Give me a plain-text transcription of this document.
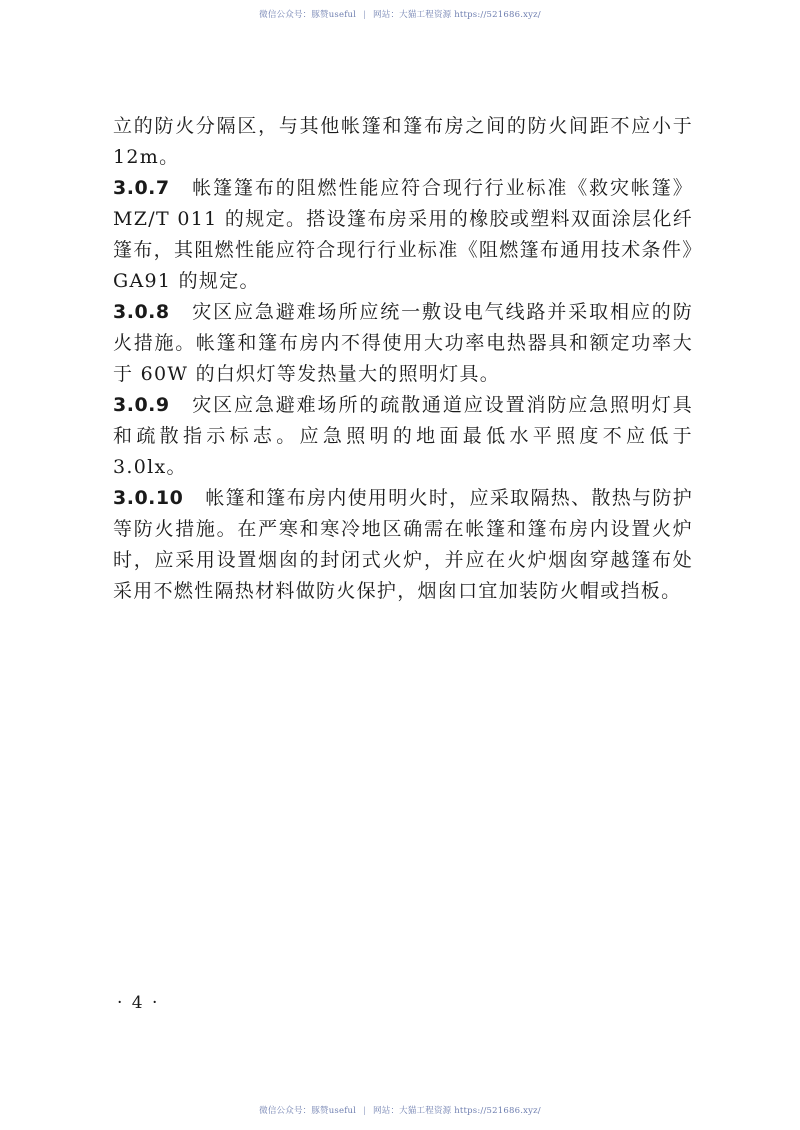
微信公众号：豚赞useful | 网站：大猫工程资源 https://521686.xyz/

立的防火分隔区，与其他帐篷和篷布房之间的防火间距不应小于 12m。

3.0.7 帐篷篷布的阻燃性能应符合现行行业标准《救灾帐篷》MZ/T 011 的规定。搭设篷布房采用的橡胶或塑料双面涂层化纤篷布，其阻燃性能应符合现行行业标准《阻燃篷布通用技术条件》GA91 的规定。

3.0.8 灾区应急避难场所应统一敷设电气线路并采取相应的防火措施。帐篷和篷布房内不得使用大功率电热器具和额定功率大于 60W 的白炽灯等发热量大的照明灯具。

3.0.9 灾区应急避难场所的疏散通道应设置消防应急照明灯具和疏散指示标志。应急照明的地面最低水平照度不应低于 3.0lx。

3.0.10 帐篷和篷布房内使用明火时，应采取隔热、散热与防护等防火措施。在严寒和寒冷地区确需在帐篷和篷布房内设置火炉时，应采用设置烟囱的封闭式火炉，并应在火炉烟囱穿越篷布处采用不燃性隔热材料做防火保护，烟囱口宜加装防火帽或挡板。

· 4 ·
微信公众号：豚赞useful | 网站：大猫工程资源 https://521686.xyz/
